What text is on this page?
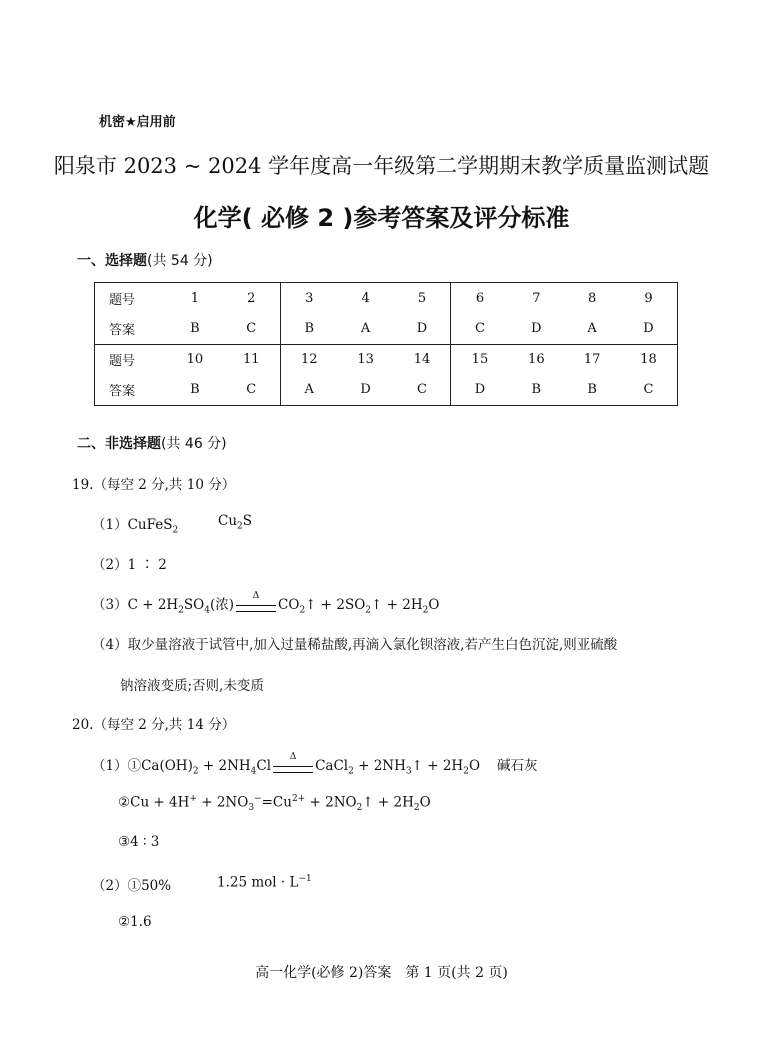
机密★启用前
阳泉市 2023 ~ 2024 学年度高一年级第二学期期末教学质量监测试题
化学( 必修 2 )参考答案及评分标准
一、选择题(共 54 分)
题号	1	2	3	4	5	6	7	8	9
答案	B	C	B	A	D	C	D	A	D
题号	10	11	12	13	14	15	16	17	18
答案	B	C	A	D	C	D	B	B	C
二、非选择题(共 46 分)
19.（每空 2 分,共 10 分）
（1）CuFeS$_2$
$Cu_2S$
（2）1 ∶ 2
$(3)C + 2H_2SO_4$(浓)
Δ
$CO_2↑$ + $2SO_2↑ + 2H_2O$
（4）取少量溶液于试管中,加入过量稀盐酸,再滴入氯化钡溶液,若产生白色沉淀,则亚硫酸
钠溶液变质;否则,未变质
20.（每空 2 分,共 14 分）
$(1)①Ca(OH)_2 + 2NH_4Cl$
Δ
CaCl$_2$ + $2NH_3↑ + 2H_2O$ 碱石灰
②Cu + $4H^+ + 2NO_3^-=Cu^{2+}$ + $2NO_2↑ + 2H_2O$
③4 ∶ 3
（2）①50%	1.25 mol · $L^{-1}$
②1.6
高一化学(必修 2)答案　第 1 页(共 2 页)
